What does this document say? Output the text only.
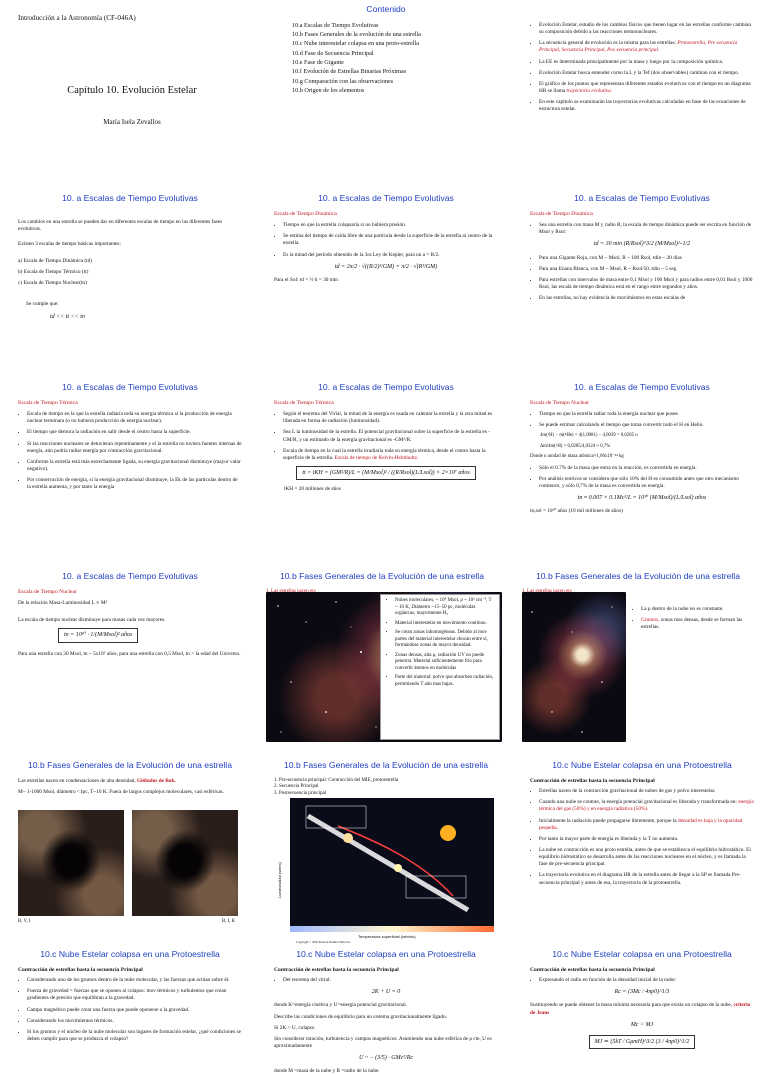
Introducción a la Astronomía (CF-046A)
Capítulo 10. Evolución Estelar
María Isela Zevallos
Contenido
10.a Escalas de Tiempo Evolutivas
10.b Fases Generales de la evolución de una estrella
10.c Nube interestelar colapsa en una proto-estrella
10.d Fase de Secuencia Principal
10.e Fase de Gigante
10.f Evolución de Estrellas Binarias Próximas
10.g Comparación con las observaciones
10.h Origen de los elementos
• Evolución Estelar, estudio de los cambios físicos que tienen lugar en las estrellas conforme cambian su composición debido a las reacciones termonucleares.
• La secuencia general de evolución es la misma para las estrellas: Protoestrella, Pre secuencia Principal, Secuencia Principal, Pos secuencia principal.
• La EE es determinada principalmente por la masa y luego por la composición química.
• Evolución Estelar busca entender como la L y la Tef (dos observables) cambian con el tiempo.
• El gráfico de los puntos que representan diferentes estados evolutivos con el tiempo en un diagrama HR se llama trayectoria evolutiva.
• En este capítulo se examinarán las trayectorias evolutivas calculadas en base de las ecuaciones de estructura estelar.
10. a Escalas de Tiempo Evolutivas
Los cambios en una estrella se pueden dar en diferentes escalas de tiempo en las diferentes fases evolutivas.
Existen 3 escalas de tiempo básicas importantes:
a) Escala de Tiempo Dinámica (td)
b) Escala de Tiempo Térmico (tt)
c) Escala de Tiempo Nuclear(tn)
Se cumple que:
td << tt << tn
10. a Escalas de Tiempo Evolutivas
Escala de Tiempo Dinámica
• Tiempo en que la estrella colapsaría si no hubiera presión.
• Se estima del tiempo de caída libre de una partícula desde la superficie de la estrella al centro de la estrella.
• Es la mitad del periodo obtenido de la 3ra Ley de Kepler, para un a = R/2.
td = 2π/2 · √((R/2)³/GM) = π/2 · √(R³/GM)
Para el Sol: td = ½ h = 30 min
10. a Escalas de Tiempo Evolutivas
Escala de Tiempo Dinámica
• Sea una estrella con masa M y radio R, la escala de tiempo dinámica puede ser escrita en función de Msol y Rsol:
td = 30 min (R/Rsol)^3/2 (M/Msol)^-1/2
• Para una Gigante Roja, con M ~ Msol, R ~ 100 Rsol, tdin ~ 20 días
• Para una Enana Blanca, con M ~ Msol, R ~ Rsol/50, tdin ~ 5 seg
• Para estrellas con intervalos de masa entre 0,1 Msol y 100 Msol y para radios entre 0,01 Rsol y 1000 Rsol, las escala de tiempo dinámica está en el rango entre segundos y años.
• En las estrellas, no hay evidencia de movimientos en estas escalas de
10. a Escalas de Tiempo Evolutivas
Escala de Tiempo Térmica
• Escala de tiempo en la que la estrella radiaría toda su energía térmica si la producción de energía nuclear terminara (o no hubiera producción de energía nuclear).
• El tiempo que demora la radiación en salir desde el centro hasta la superficie.
• Si las reacciones nucleares se detuvieran repentinamente y el la estrella no tuviera fuentes internas de energía, aún podría radiar energía por contracción gravitacional.
• Conforme la estrella está más estrechamente ligada, su energía gravitacional disminuye (mayor valor negativo).
• Por conservación de energía, si la energía gravitacional disminuye, la Ek de las partículas dentro de la estrella aumenta, y por tanto la energía
10. a Escalas de Tiempo Evolutivas
Escala de Tiempo Térmica
• Según el teorema del Virial, la mitad de la energía es usada en calentar la estrella y la otra mitad es liberada en forma de radiación (luminosidad).
• Sea L la luminosidad de la estrella. El potencial gravitacional sobre la superficie de la estrella es -GM/R, y un estimado de la energía gravitacional es -GM²/R.
• Escala de tiempo en la cual la estrella irradiaría toda su energía térmica, desde el centro hasta la superficie de la estrella. Escala de tiempo de Kelvin-Helmholtz.
tt = tKH = (GM²/R)/L = (M/Msol)² / ((R/Rsol)(L/Lsol)) × 2×10⁷ años
tKH = 20 millones de años
10. a Escalas de Tiempo Evolutivas
Escala de Tiempo Nuclear
• Tiempo en que la estrella radiar toda la energía nuclear que posee.
• Se puede estimar calculando el tiempo que toma convertir todo el H en Helio.
4m(¹H) − m(⁴He) = 4(1,0081) − 4,0039 = 0,0285 u
Δm/4m(¹H) = 0,0285/4,0324 ≈ 0,7%
Donde u unidad de masa atómica=1,66x10⁻²⁴ kg
• Sólo el 0.7% de la masa que entra en la reacción, es convertida en energía.
• Por análisis teóricos se considera que sólo 10% del H es consumido antes que otro mecanismo comience, y sólo 0,7% de la masa es convertida en energía.
tn ≈ 0.007 × 0.1Mc²/L = 10¹⁰ (M/Msol)/(L/Lsol) años
tn,sol = 10¹⁰ años (10 mil millones de años)
10. a Escalas de Tiempo Evolutivas
Escala de Tiempo Nuclear
De la relación Masa-Luminosidad L ∝ M³
La escala de tiempo nuclear disminuye para masas cada vez mayores.
tn = 10¹⁰ · 1/(M/Msol)² años
Para una estrella con 30 Msol, tn ~ 5x10⁶ años, para una estrella con 0,5 Msol, tn > la edad del Universo.
10.b Fases Generales de la Evolución de una estrella
• Nubes moleculares, ~ 10⁴ Msol, ρ ~ 10² cm⁻³, T ~ 10 K, Diámetro ~15–50 pc, moléculas orgánicas, mayormente H₂
• Material interestelar en movimiento contínuo.
• Se crean zonas inhomogéneas. Debido al mov partes del material interestelar chocan entre sí, formándose zonas de mayor densidad.
• Zonas densas, alta ρ, radiación UV no puede penetrar. Material suficientemente frío para convertir átomos en moléculas
• Parte del material: polvo que absorben radiación, permitiendo T aún mas bajas.
10.b Fases Generales de la Evolución de una estrella
• La ρ dentro de la nube no es constante.
• Grumos, zonas mas densas, desde se forman las estrellas.
10.b Fases Generales de la Evolución de una estrella
Las estrellas nacen en condensaciones de alta densidad, Glóbulos de Bok.
M~ 1-1000 Msol, diámetro <1pc, T~10 K. Fuera de largos complejos moleculares, casi esféricas.
B, V, I	B, I, K
10.b Fases Generales de la Evolución de una estrella
1. Pre-secuencia principal: Contracción del MIE, protoestrella
2. Secuencia Principal
3. Postsecuencia principal
Luminosidad (soles)
Temperatura superficial (kelvins)
Copyright © 2005 Pearson Prentice Hall, Inc.
10.c Nube Estelar colapsa en una Protoestrella
Contracción de estrellas hasta la secuencia Principal
• Estrellas nacen de la contracción gravitacional de nubes de gas y polvo interestelar.
• Cuando una nube se contrae, la energía potencial gravitacional es liberada y transformada en: energía térmica del gas (50%) y en energía radiativa (50%).
• Inicialmente la radiación puede propagarse libremente, porque la densidad es baja y la opacidad pequeña.
• Por tanto la mayor parte de energía es liberada y la T no aumenta.
• La nube en contracción es una proto estrella, antes de que se establezca el equilibrio hidrostático. El equilibrio hidrostático se desarrolla antes de las reacciones nucleares en el núcleo, y es llamada la fase de pre-secuencia principal.
• La trayectoria evolutiva en el diagrama HR de la estrella antes de llegar a la SP es llamada Pre-secuencia principal y antes de esa, la trayectoria de la protoestrella.
10.c Nube Estelar colapsa en una Protoestrella
Contracción de estrellas hasta la secuencia Principal
• Considerando uno de los grumos dentro de la nube molecular, y las fuerzas que actúan sobre él.
• Fuerza de gravedad = fuerzas que se oponen al colapso: mov térmicos y turbulentos que crean gradientes de presión que equilibran a la gravedad.
• Campo magnético puede crear una fuerza que puede oponerse a la gravedad.
• Considerando los movimientos térmicos.
• Si los grumos y el núcleo de la nube molecular son lugares de formación estelar, ¿qué condiciones se deben cumplir para que se produzca el colapso?
10.c Nube Estelar colapsa en una Protoestrella
Contracción de estrellas hasta la secuencia Principal
• Del teorema del virial:
2K + U = 0
donde K=energía cinética y U=energía potencial gravitacional.
Describe las condiciones de equilibrio para un sistema gravitacionalmente ligado.
Si 2K < U, colapso
Sin considerar rotación, turbulencia y campos magnéticos. Asumiendo una nube esférica de ρ cte, U es aproximadamente
U ~ − (3/5) · GMc²/Rc
donde M =masa de la nube y R =radio de la nube.
10.c Nube Estelar colapsa en una Protoestrella
Contracción de estrellas hasta la secuencia Principal
• Expresando el radio en función de la densidad inicial de la nube:
Rc = (3Mc / 4πρ0)^1/3
Sustituyendo se puede obtener la masa mínima necesaria para que exista un colapso de la nube, criterio de Jeans
Mc > MJ
MJ ≃ (5kT / GμmH)^3/2 (3 / 4πρ0)^1/2
